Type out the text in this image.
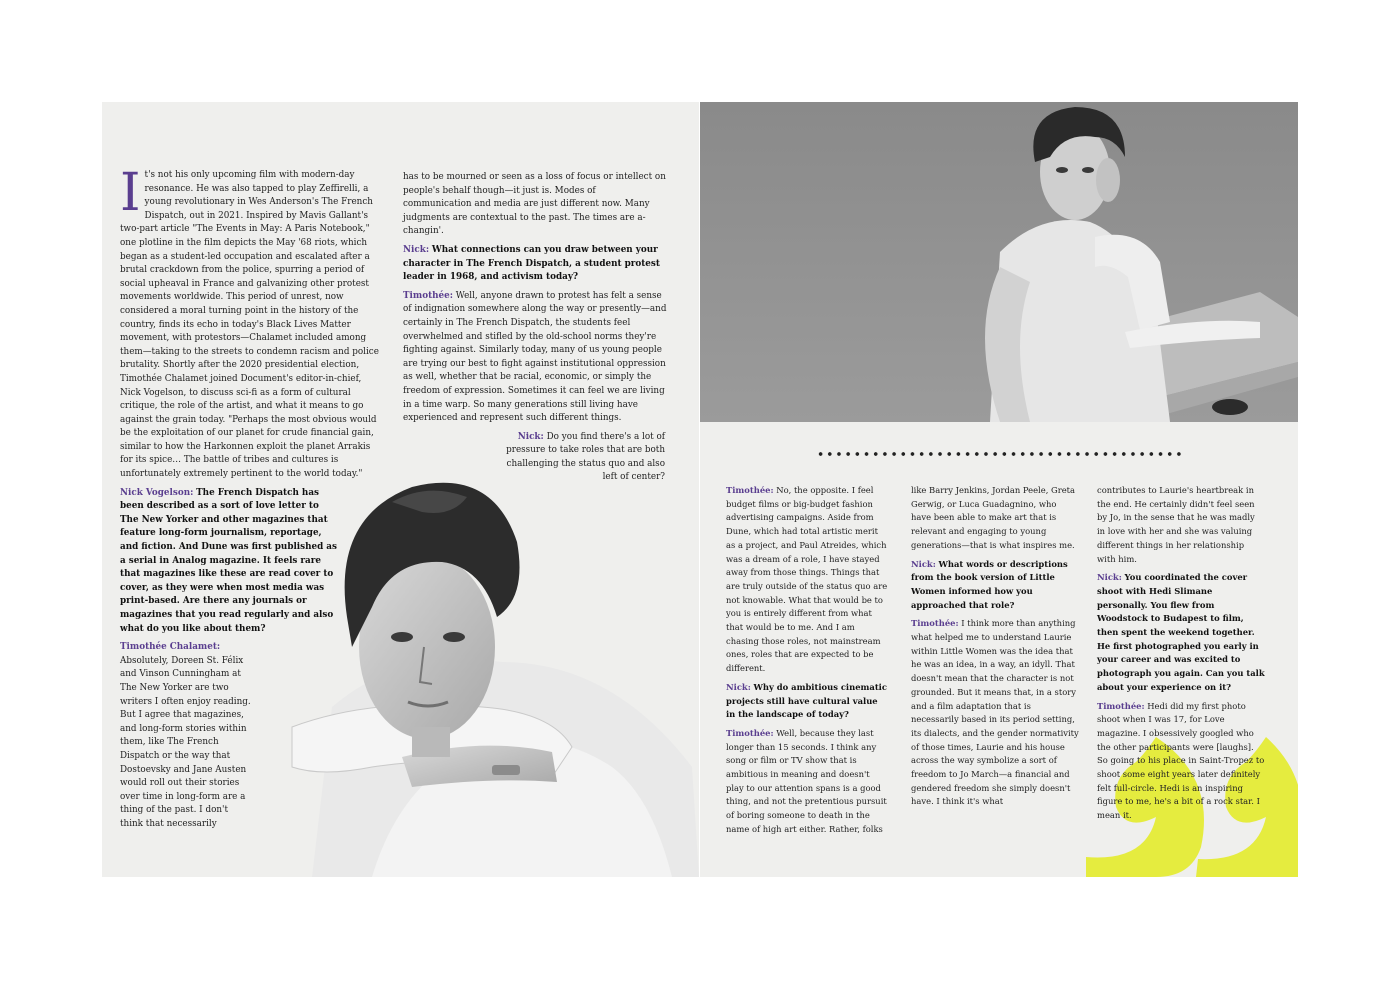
It's not his only upcoming film with modern-day resonance. He was also tapped to play Zeffirelli, a young revolutionary in Wes Anderson's The French Dispatch, out in 2021. Inspired by Mavis Gallant's two-part article "The Events in May: A Paris Notebook," one plotline in the film depicts the May '68 riots, which began as a student-led occupation and escalated after a brutal crackdown from the police, spurring a period of social upheaval in France and galvanizing other protest movements worldwide. This period of unrest, now considered a moral turning point in the history of the country, finds its echo in today's Black Lives Matter movement, with protestors—Chalamet included among them—taking to the streets to condemn racism and police brutality. Shortly after the 2020 presidential election, Timothée Chalamet joined Document's editor-in-chief, Nick Vogelson, to discuss sci-fi as a form of cultural critique, the role of the artist, and what it means to go against the grain today. "Perhaps the most obvious would be the exploitation of our planet for crude financial gain, similar to how the Harkonnen exploit the planet Arrakis for its spice… The battle of tribes and cultures is unfortunately extremely pertinent to the world today."

Nick Vogelson: The French Dispatch has been described as a sort of love letter to The New Yorker and other magazines that feature long-form journalism, reportage, and fiction. And Dune was first published as a serial in Analog magazine. It feels rare that magazines like these are read cover to cover, as they were when most media was print-based. Are there any journals or magazines that you read regularly and also what do you like about them?

Timothée Chalamet: Absolutely, Doreen St. Félix and Vinson Cunningham at The New Yorker are two writers I often enjoy reading. But I agree that magazines, and long-form stories within them, like The French Dispatch or the way that Dostoevsky and Jane Austen would roll out their stories over time in long-form are a thing of the past. I don't think that necessarily

has to be mourned or seen as a loss of focus or intellect on people's behalf though—it just is. Modes of communication and media are just different now. Many judgments are contextual to the past. The times are a-changin'.

Nick: What connections can you draw between your character in The French Dispatch, a student protest leader in 1968, and activism today?

Timothée: Well, anyone drawn to protest has felt a sense of indignation somewhere along the way or presently—and certainly in The French Dispatch, the students feel overwhelmed and stifled by the old-school norms they're fighting against. Similarly today, many of us young people are trying our best to fight against institutional oppression as well, whether that be racial, economic, or simply the freedom of expression. Sometimes it can feel we are living in a time warp. So many generations still living have experienced and represent such different things.

Nick: Do you find there's a lot of pressure to take roles that are both challenging the status quo and also left of center?

Timothée: No, the opposite. I feel budget films or big-budget fashion advertising campaigns. Aside from Dune, which had total artistic merit as a project, and Paul Atreides, which was a dream of a role, I have stayed away from those things. Things that are truly outside of the status quo are not knowable. What that would be to you is entirely different from what that would be to me. And I am chasing those roles, not mainstream ones, roles that are expected to be different.

Nick: Why do ambitious cinematic projects still have cultural value in the landscape of today?

Timothée: Well, because they last longer than 15 seconds. I think any song or film or TV show that is ambitious in meaning and doesn't play to our attention spans is a good thing, and not the pretentious pursuit of boring someone to death in the name of high art either. Rather, folks

like Barry Jenkins, Jordan Peele, Greta Gerwig, or Luca Guadagnino, who have been able to make art that is relevant and engaging to young generations—that is what inspires me.

Nick: What words or descriptions from the book version of Little Women informed how you approached that role?

Timothée: I think more than anything what helped me to understand Laurie within Little Women was the idea that he was an idea, in a way, an idyll. That doesn't mean that the character is not grounded. But it means that, in a story and a film adaptation that is necessarily based in its period setting, its dialects, and the gender normativity of those times, Laurie and his house across the way symbolize a sort of freedom to Jo March—a financial and gendered freedom she simply doesn't have. I think it's what

contributes to Laurie's heartbreak in the end. He certainly didn't feel seen by Jo, in the sense that he was madly in love with her and she was valuing different things in her relationship with him.

Nick: You coordinated the cover shoot with Hedi Slimane personally. You flew from Woodstock to Budapest to film, then spent the weekend together. He first photographed you early in your career and was excited to photograph you again. Can you talk about your experience on it?

Timothée: Hedi did my first photo shoot when I was 17, for Love magazine. I obsessively googled who the other participants were [laughs]. So going to his place in Saint-Tropez to shoot some eight years later definitely felt full-circle. Hedi is an inspiring figure to me, he's a bit of a rock star. I mean it.
